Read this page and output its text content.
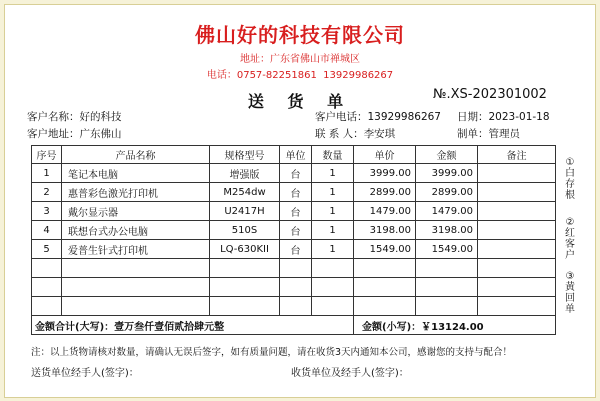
佛山好的科技有限公司
地址：广东省佛山市禅城区
电话：0757-82251861  13929986267
送 货 单	№.XS-202301002
客户名称：好的科技	客户电话：13929986267 日期：2023-01-18
客户地址：广东佛山	联 系 人：李安琪	制单：管理员
序号	产品名称	规格型号	单位	数量	单价	金额	备注
1	笔记本电脑	增强版	台	1	3999.00	3999.00	
2	惠普彩色激光打印机	M254dw	台	1	2899.00	2899.00	
3	戴尔显示器	U2417H	台	1	1479.00	1479.00	
4	联想台式办公电脑	510S	台	1	3198.00	3198.00	
5	爱普生针式打印机	LQ-630KII	台	1	1549.00	1549.00	

金额合计(大写)：壹万叁仟壹佰贰拾肆元整					金额(小写)：￥13124.00		
①白存根
②红客户
③黄回单
注：以上货物请核对数量，请确认无误后签字，如有质量问题，请在收货3天内通知本公司，感谢您的支持与配合！
送货单位经手人(签字)：	收货单位及经手人(签字)：
